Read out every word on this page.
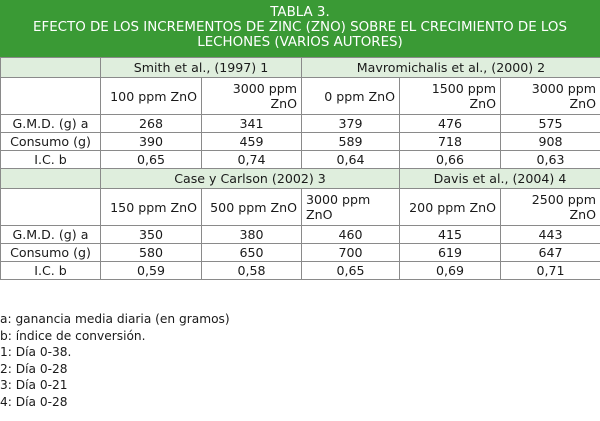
TABLA 3.
EFECTO DE LOS INCREMENTOS DE ZINC (ZNO) SOBRE EL CRECIMIENTO DE LOS
LECHONES (VARIOS AUTORES)
	Smith et al., (1997) 1		Mavromichalis et al., (2000) 2		
	100 ppm ZnO	3000 ppm ZnO	0 ppm ZnO	1500 ppm ZnO	3000 ppm ZnO
G.M.D. (g) a	268	341	379	476	575
Consumo (g)	390	459	589	718	908
I.C. b	0,65	0,74	0,64	0,66	0,63
	Case y Carlson (2002) 3			Davis et al., (2004) 4	
	150 ppm ZnO	500 ppm ZnO	3000 ppm ZnO	200 ppm ZnO	2500 ppm ZnO
G.M.D. (g) a	350	380	460	415	443
Consumo (g)	580	650	700	619	647
I.C. b	0,59	0,58	0,65	0,69	0,71
a: ganancia media diaria (en gramos)
b: índice de conversión.
1: Día 0-38.
2: Día 0-28
3: Día 0-21
4: Día 0-28
